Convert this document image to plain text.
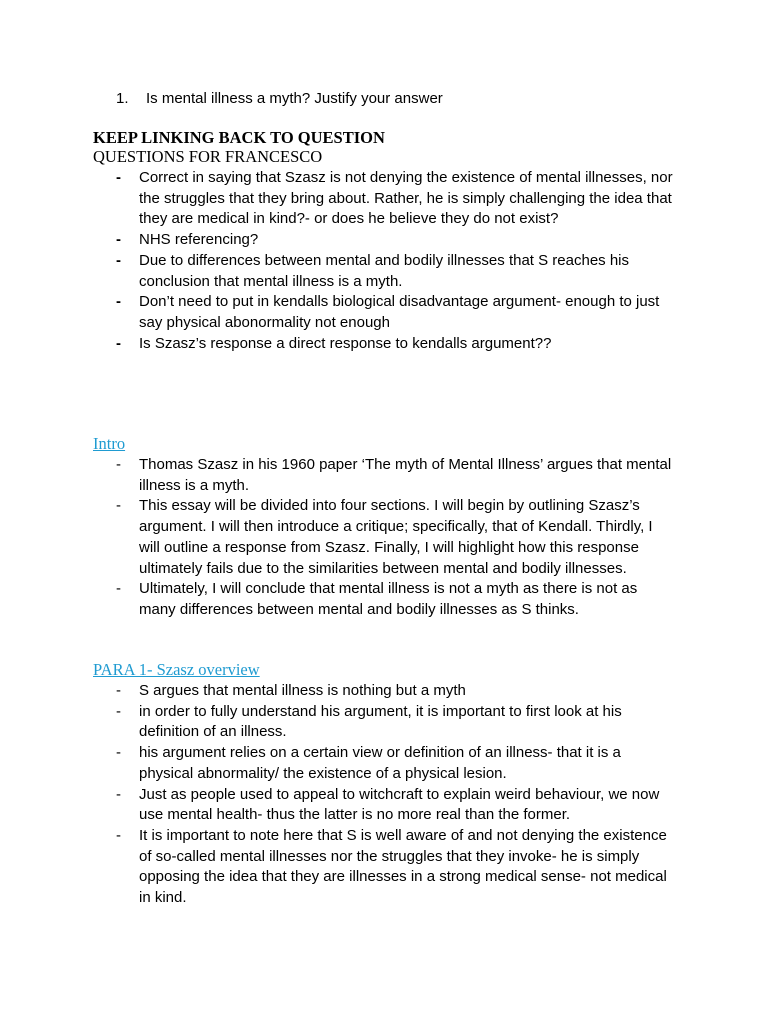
1. Is mental illness a myth? Justify your answer
KEEP LINKING BACK TO QUESTION
QUESTIONS FOR FRANCESCO
- Correct in saying that Szasz is not denying the existence of mental illnesses, nor the struggles that they bring about. Rather, he is simply challenging the idea that they are medical in kind?- or does he believe they do not exist?
- NHS referencing?
- Due to differences between mental and bodily illnesses that S reaches his conclusion that mental illness is a myth.
- Don’t need to put in kendalls biological disadvantage argument- enough to just say physical abonormality not enough
- Is Szasz’s response a direct response to kendalls argument??
Intro
- Thomas Szasz in his 1960 paper ‘The myth of Mental Illness’ argues that mental illness is a myth.
- This essay will be divided into four sections. I will begin by outlining Szasz’s argument. I will then introduce a critique; specifically, that of Kendall. Thirdly, I will outline a response from Szasz. Finally, I will highlight how this response ultimately fails due to the similarities between mental and bodily illnesses.
- Ultimately, I will conclude that mental illness is not a myth as there is not as many differences between mental and bodily illnesses as S thinks.
PARA 1- Szasz overview
- S argues that mental illness is nothing but a myth
- in order to fully understand his argument, it is important to first look at his definition of an illness.
- his argument relies on a certain view or definition of an illness- that it is a physical abnormality/ the existence of a physical lesion.
- Just as people used to appeal to witchcraft to explain weird behaviour, we now use mental health- thus the latter is no more real than the former.
- It is important to note here that S is well aware of and not denying the existence of so-called mental illnesses nor the struggles that they invoke- he is simply opposing the idea that they are illnesses in a strong medical sense- not medical in kind.
